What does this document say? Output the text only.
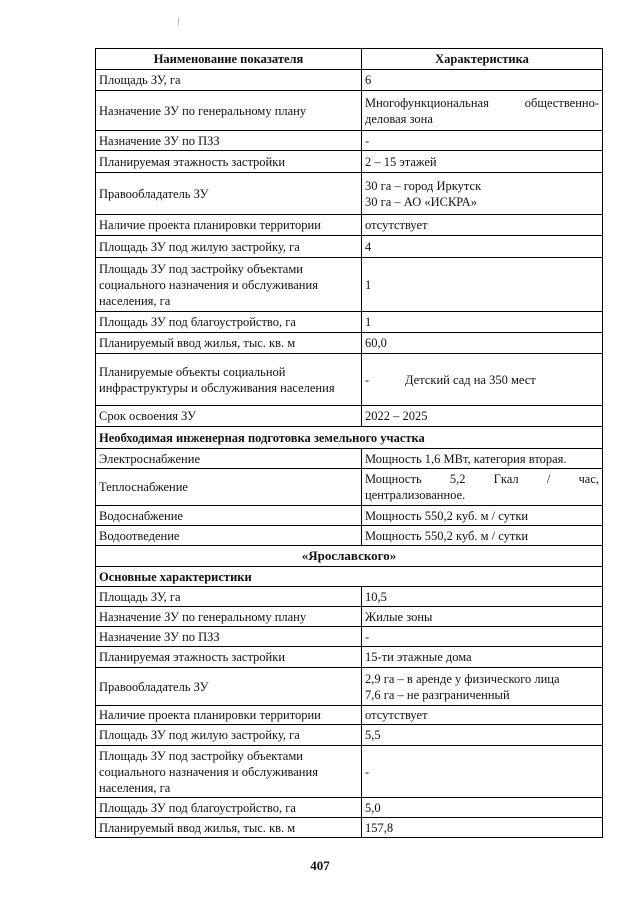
Наименование показателя	Характеристика
Площадь ЗУ, га	6
Назначение ЗУ по генеральному плану	Многофункциональная общественно-
деловая зона

Назначение ЗУ по ПЗЗ	-
Планируемая этажность застройки	2 – 15 этажей
Правообладатель ЗУ	30 га – город Иркутск
30 га – АО «ИСКРА»

Наличие проекта планировки территории	отсутствует
Площадь ЗУ под жилую застройку, га	4
Площадь ЗУ под застройку объектами социального назначения и обслуживания населения, га	1
Площадь ЗУ под благоустройство, га	1
Планируемый ввод жилья, тыс. кв. м	60,0
Планируемые объекты социальной инфраструктуры и обслуживания населения	- Детский сад на 350 мест
Срок освоения ЗУ	2022 – 2025
Необходимая инженерная подготовка земельного участка	
Электроснабжение	Мощность 1,6 МВт, категория вторая.
Теплоснабжение	Мощность 5,2 Гкал / час,
централизованное.

Водоснабжение	Мощность 550,2 куб. м / сутки
Водоотведение	Мощность 550,2 куб. м / сутки
«Ярославского»	
Основные характеристики	
Площадь ЗУ, га	10,5
Назначение ЗУ по генеральному плану	Жилые зоны
Назначение ЗУ по ПЗЗ	-
Планируемая этажность застройки	15-ти этажные дома
Правообладатель ЗУ	2,9 га – в аренде у физического лица
7,6 га – не разграниченный

Наличие проекта планировки территории	отсутствует
Площадь ЗУ под жилую застройку, га	5,5
Площадь ЗУ под застройку объектами социального назначения и обслуживания населения, га	-
Площадь ЗУ под благоустройство, га	5,0
Планируемый ввод жилья, тыс. кв. м	157,8
407
